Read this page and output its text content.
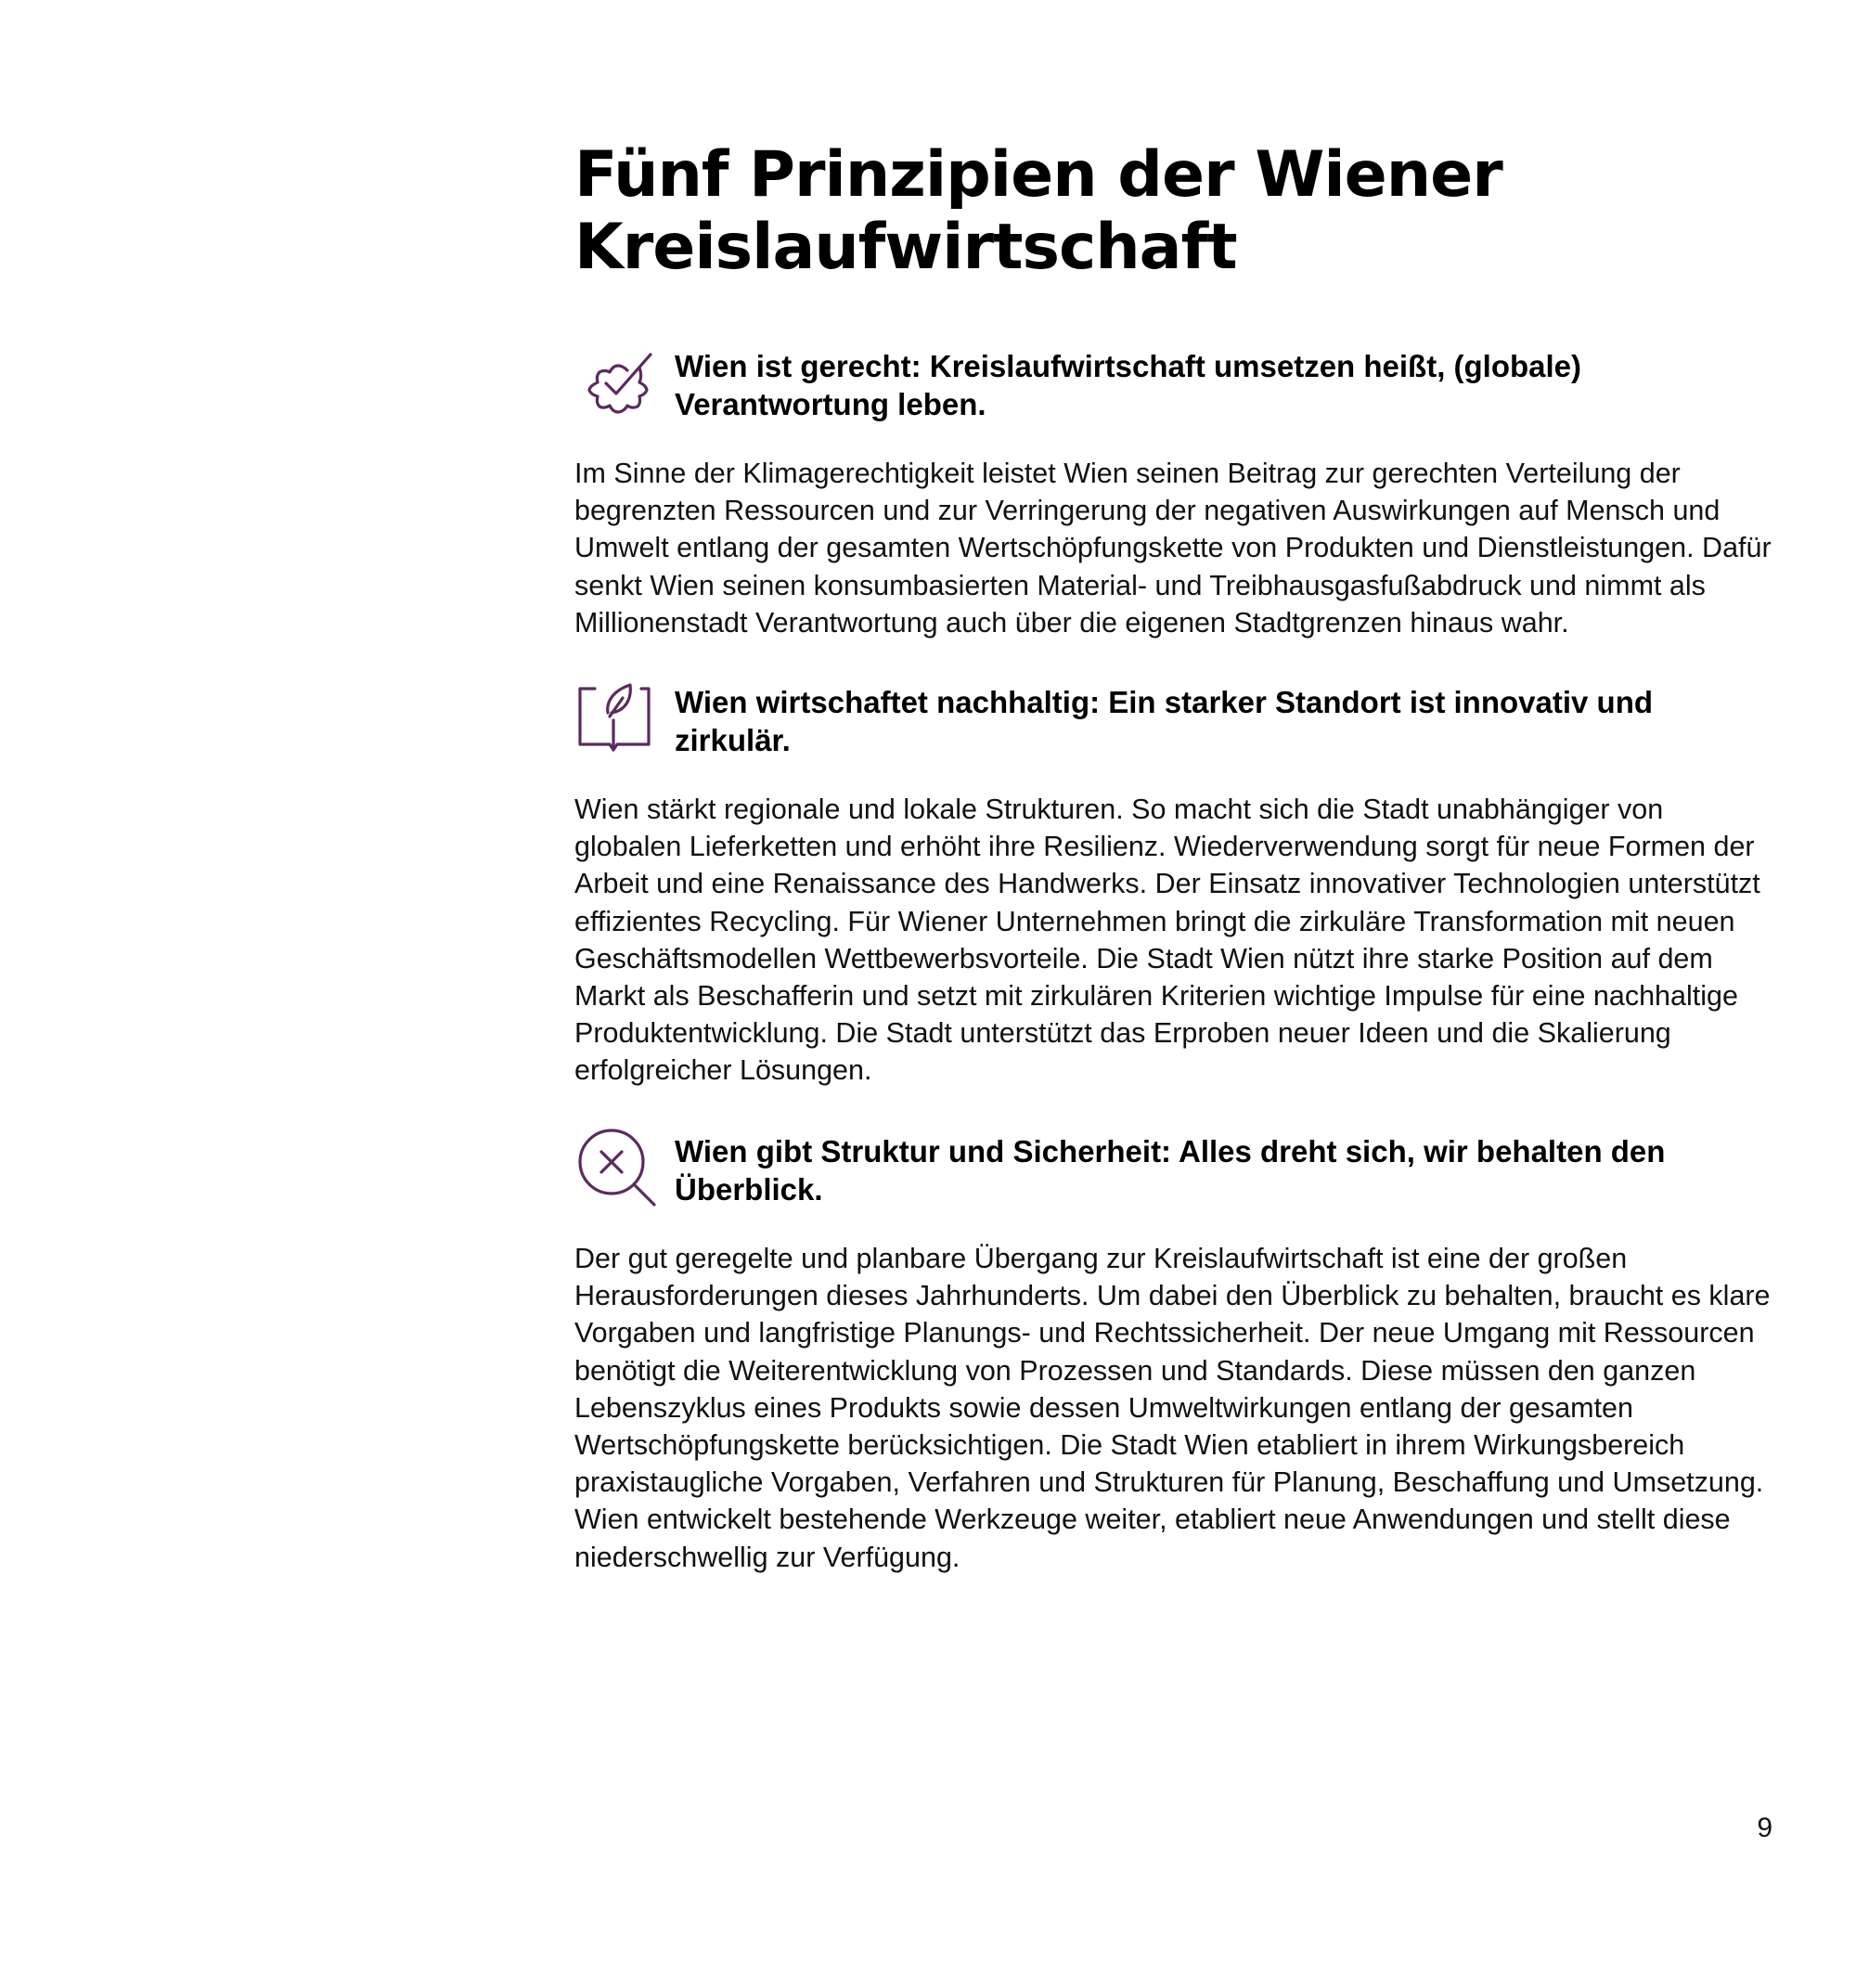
Fünf Prinzipien der Wiener
Kreislaufwirtschaft
Wien ist gerecht: Kreislaufwirtschaft umsetzen heißt, (globale) Verantwortung leben.

Im Sinne der Klimagerechtigkeit leistet Wien seinen Beitrag zur gerechten Verteilung der begrenzten Ressourcen und zur Verringerung der negativen Auswirkungen auf Mensch und Umwelt entlang der gesamten Wertschöpfungskette von Produkten und Dienstleistungen. Dafür senkt Wien seinen konsumbasierten Material- und Treibhausgasfußabdruck und nimmt als Millionenstadt Verantwortung auch über die eigenen Stadtgrenzen hinaus wahr.

Wien wirtschaftet nachhaltig: Ein starker Standort ist innovativ und zirkulär.

Wien stärkt regionale und lokale Strukturen. So macht sich die Stadt unabhängiger von globalen Lieferketten und erhöht ihre Resilienz. Wiederverwendung sorgt für neue Formen der Arbeit und eine Renaissance des Handwerks. Der Einsatz innovativer Technologien unterstützt effizientes Recycling. Für Wiener Unternehmen bringt die zirkuläre Transformation mit neuen Geschäftsmodellen Wettbewerbsvorteile. Die Stadt Wien nützt ihre starke Position auf dem Markt als Beschafferin und setzt mit zirkulären Kriterien wichtige Impulse für eine nachhaltige Produktentwicklung. Die Stadt unterstützt das Erproben neuer Ideen und die Skalierung erfolgreicher Lösungen.

Wien gibt Struktur und Sicherheit: Alles dreht sich, wir behalten den Überblick.

Der gut geregelte und planbare Übergang zur Kreislaufwirtschaft ist eine der großen Herausforderungen dieses Jahrhunderts. Um dabei den Überblick zu behalten, braucht es klare Vorgaben und langfristige Planungs- und Rechtssicherheit. Der neue Umgang mit Ressourcen benötigt die Weiterentwicklung von Prozessen und Standards. Diese müssen den ganzen Lebenszyklus eines Produkts sowie dessen Umweltwirkungen entlang der gesamten Wertschöpfungskette berücksichtigen. Die Stadt Wien etabliert in ihrem Wirkungsbereich praxistaugliche Vorgaben, Verfahren und Strukturen für Planung, Beschaffung und Umsetzung. Wien entwickelt bestehende Werkzeuge weiter, etabliert neue Anwendungen und stellt diese niederschwellig zur Verfügung.

9
